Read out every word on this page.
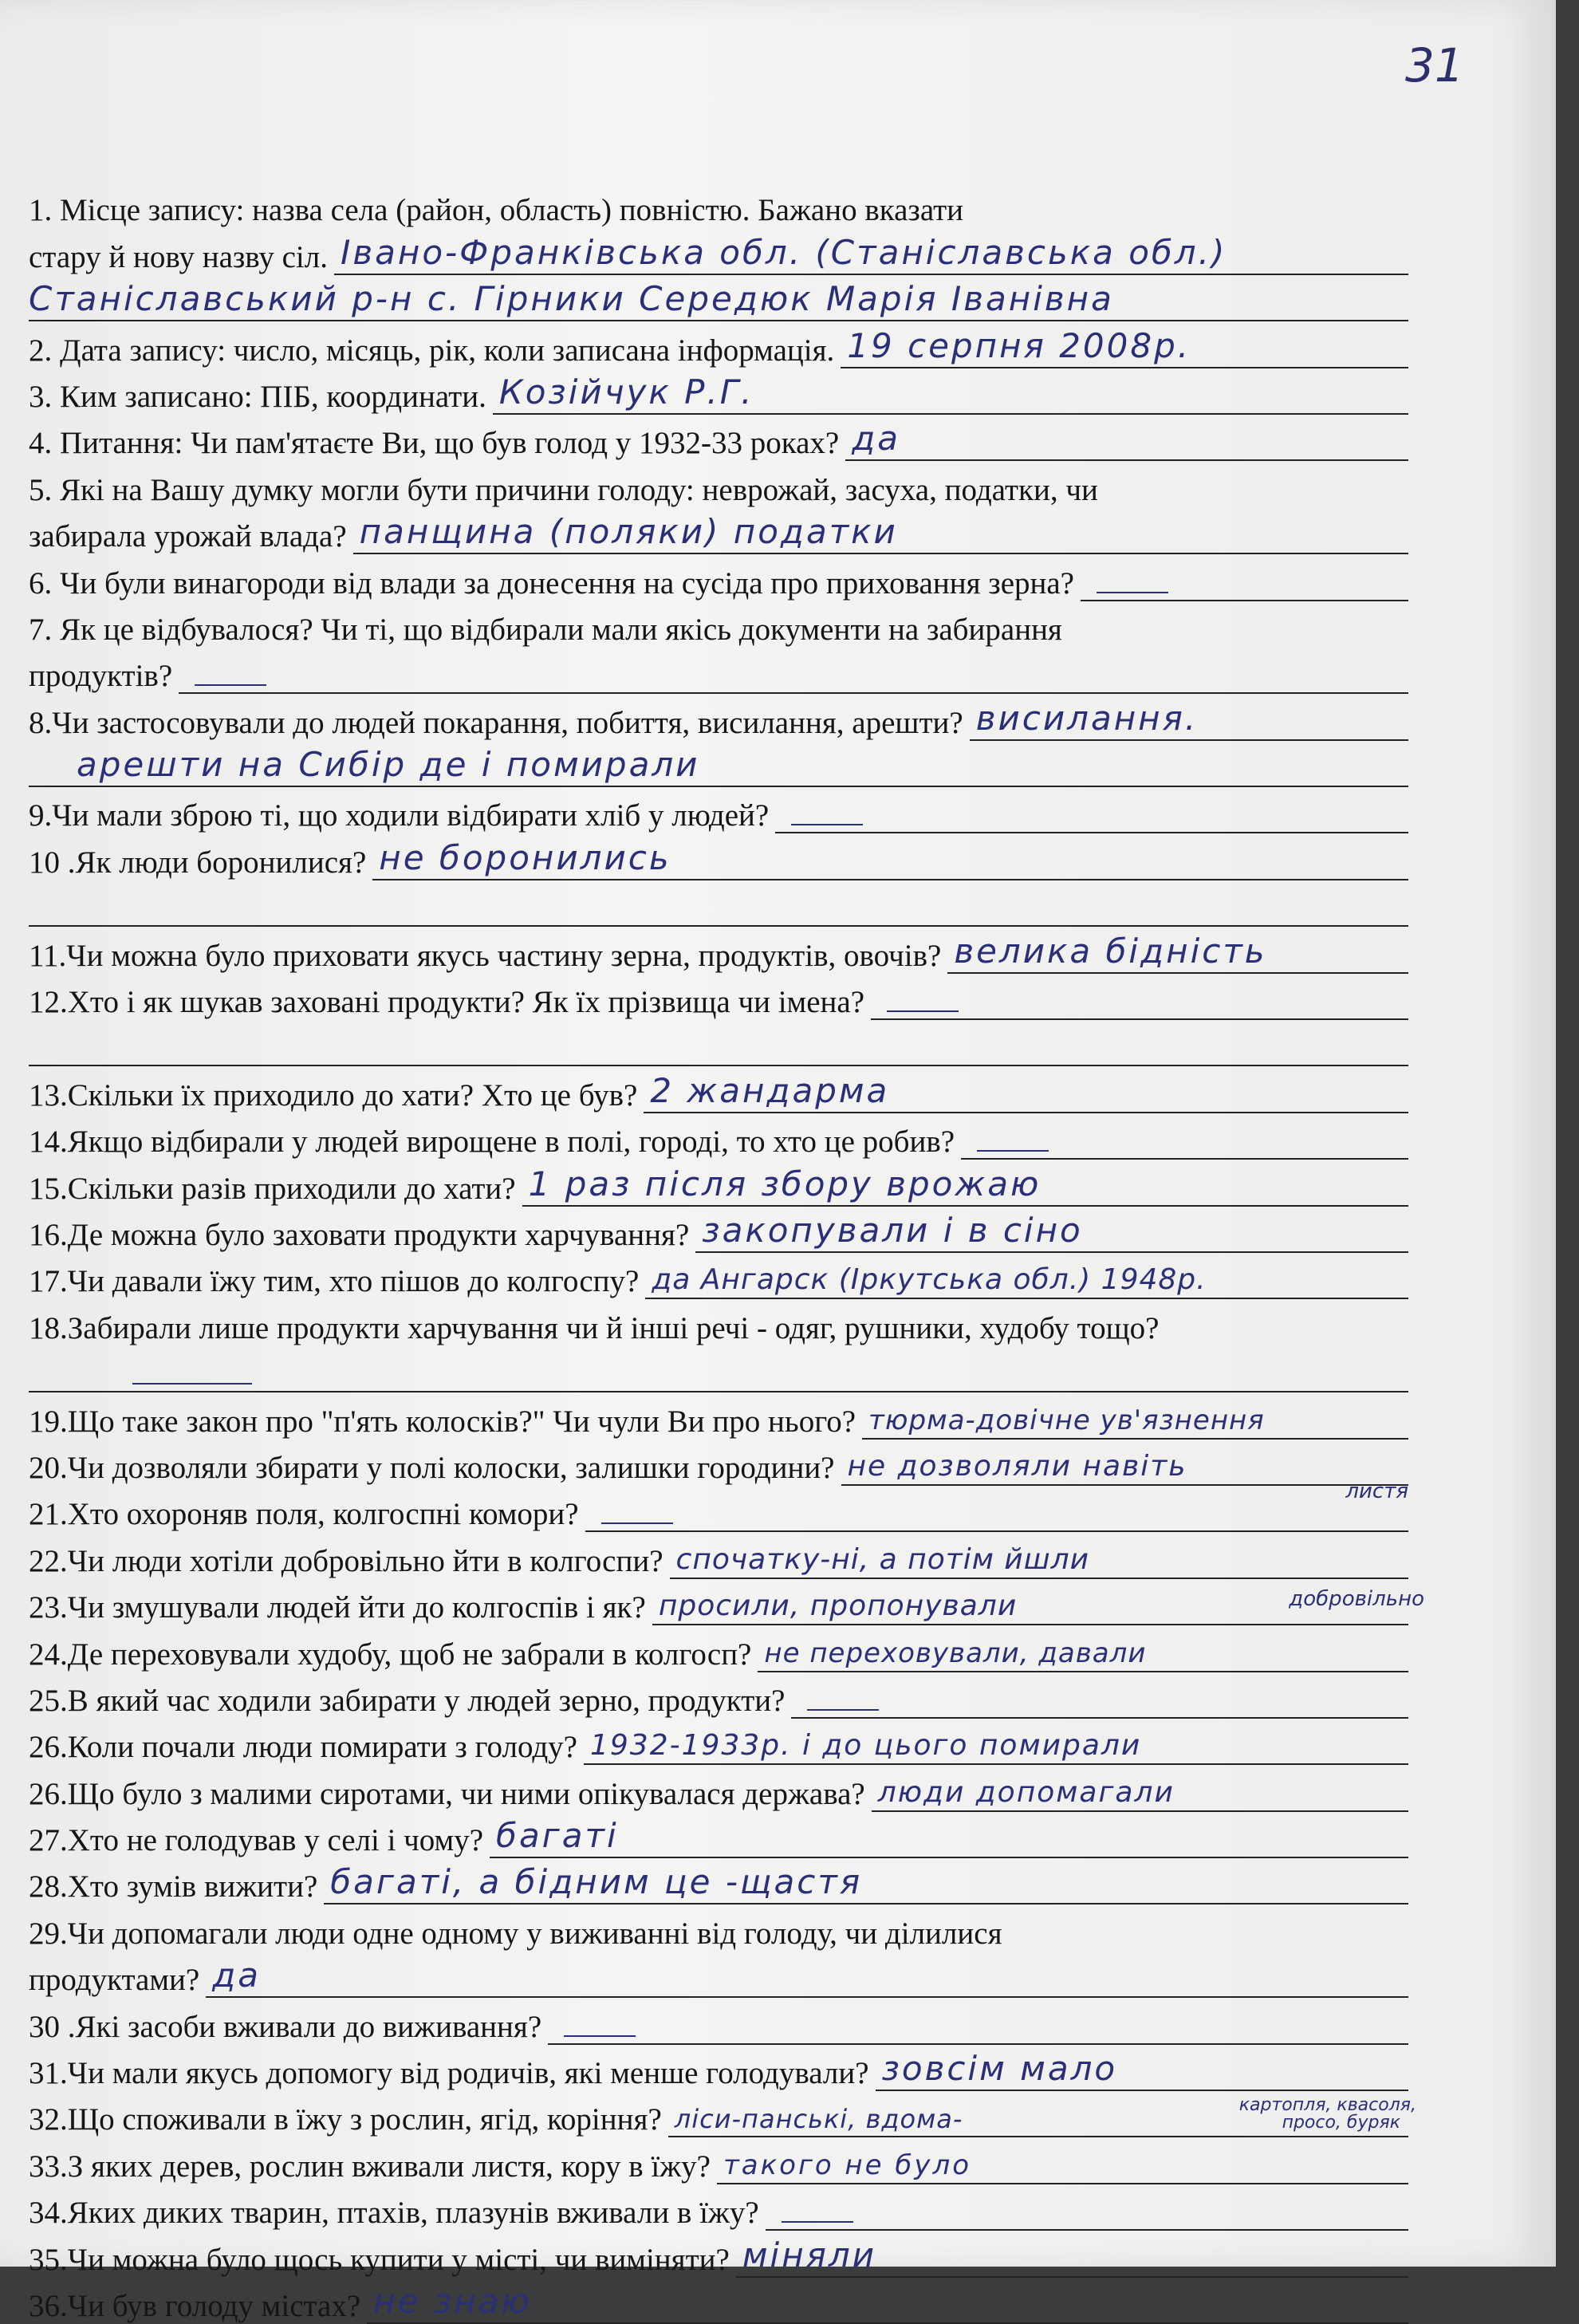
31
1. Місце запису: назва села (район, область) повністю. Бажано вказати
стару й нову назву сіл. Івано-Франківська обл. (Станіславська обл.)
Станіславський р-н с. Гірники Середюк Марія Іванівна
2. Дата запису: число, місяць, рік, коли записана інформація. 19 серпня 2008р.
3. Ким записано: ПІБ, координати. Козійчук Р.Г.
4. Питання: Чи пам'ятаєте Ви, що був голод у 1932-33 роках? да
5. Які на Вашу думку могли бути причини голоду: неврожай, засуха, податки, чи
забирала урожай влада? панщина (поляки) податки
6. Чи були винагороди від влади за донесення на сусіда про приховання зерна?
7. Як це відбувалося? Чи ті, що відбирали мали якісь документи на забирання
продуктів?
8.Чи застосовували до людей покарання, побиття, висилання, арешти? висилання.
арешти на Сибір де і помирали
9.Чи мали зброю ті, що ходили відбирати хліб у людей?
10 .Як люди боронилися? не боронились
11.Чи можна було приховати якусь частину зерна, продуктів, овочів? велика бідність
12.Хто і як шукав заховані продукти? Як їх прізвища чи імена?
13.Скільки їх приходило до хати? Хто це був? 2 жандарма
14.Якщо відбирали у людей вирощене в полі, городі, то хто це робив?
15.Скільки разів приходили до хати? 1 раз після збору врожаю
16.Де можна було заховати продукти харчування? закопували і в сіно
17.Чи давали їжу тим, хто пішов до колгоспу? да Ангарск (Іркутська обл.) 1948р.
18.Забирали лише продукти харчування чи й інші речі - одяг, рушники, худобу тощо?
19.Що таке закон про "п'ять колосків?" Чи чули Ви про нього? тюрма-довічне ув'язнення
20.Чи дозволяли збирати у полі колоски, залишки городини? не дозволяли навіть
листя
21.Хто охороняв поля, колгоспні комори?
22.Чи люди хотіли добровільно йти в колгоспи? спочатку-ні, а потім йшли
23.Чи змушували людей йти до колгоспів і як? просили, пропонували	добровільно
24.Де переховували худобу, щоб не забрали в колгосп? не переховували, давали
25.В який час ходили забирати у людей зерно, продукти?
26.Коли почали люди помирати з голоду? 1932-1933р. і до цього помирали
26.Що було з малими сиротами, чи ними опікувалася держава? люди допомагали
27.Хто не голодував у селі і чому? багаті
28.Хто зумів вижити? багаті, а бідним це -щастя
29.Чи допомагали люди одне одному у виживанні від голоду, чи ділилися
продуктами? да
30 .Які засоби вживали до виживання?
31.Чи мали якусь допомогу від родичів, які менше голодували? зовсім мало
32.Що споживали в їжу з рослин, ягід, коріння? ліси-панські, вдома-	картопля, квасоля,
просо, буряк
33.З яких дерев, рослин вживали листя, кору в їжу? такого не було
34.Яких диких тварин, птахів, плазунів вживали в їжу?
35.Чи можна було щось купити у місті, чи виміняти? міняли
36.Чи був голоду містах? не знаю
